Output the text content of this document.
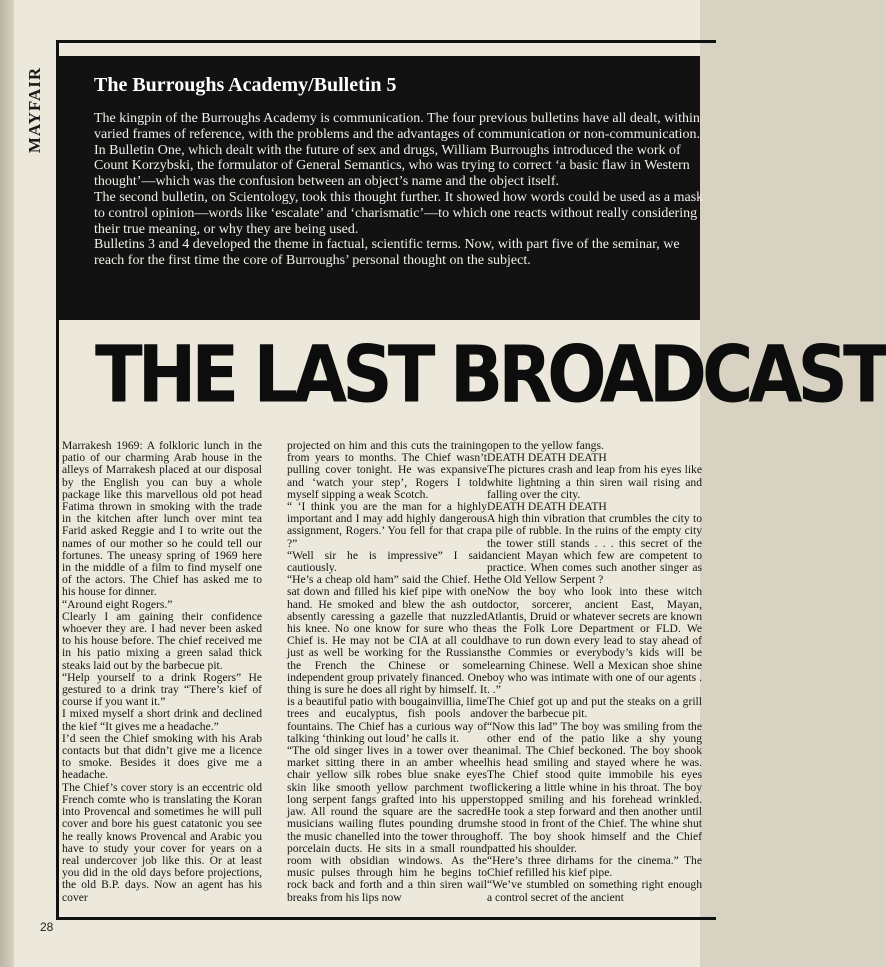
MAYFAIR
28
The Burroughs Academy/Bulletin 5

The kingpin of the Burroughs Academy is communication. The four previous bulletins have all dealt, within varied frames of reference, with the problems and the advantages of communication or non-communication.

In Bulletin One, which dealt with the future of sex and drugs, William Burroughs introduced the work of Count Korzybski, the formulator of General Semantics, who was trying to correct ‘a basic flaw in Western thought’—which was the confusion between an object’s name and the object itself.

The second bulletin, on Scientology, took this thought further. It showed how words could be used as a mask to control opinion—words like ‘escalate’ and ‘charismatic’—to which one reacts without really considering their true meaning, or why they are being used.

Bulletins 3 and 4 developed the theme in factual, scientific terms. Now, with part five of the seminar, we reach for the first time the core of Burroughs’ personal thought on the subject.

THE LAST BROADCAST

Marrakesh 1969: A folkloric lunch in the patio of our charming Arab house in the alleys of Marrakesh placed at our disposal by the English you can buy a whole package like this marvellous old pot head Fatima thrown in smoking with the trade in the kitchen after lunch over mint tea Farid asked Reggie and I to write out the names of our mother so he could tell our fortunes. The uneasy spring of 1969 here in the middle of a film to find myself one of the actors. The Chief has asked me to his house for dinner.

“Around eight Rogers.”

Clearly I am gaining their confidence whoever they are. I had never been asked to his house before. The chief received me in his patio mixing a green salad thick steaks laid out by the barbecue pit.

“Help yourself to a drink Rogers” He gestured to a drink tray “There’s kief of course if you want it.”

I mixed myself a short drink and declined the kief “It gives me a headache.”

I’d seen the Chief smoking with his Arab contacts but that didn’t give me a licence to smoke. Besides it does give me a headache.

The Chief’s cover story is an eccentric old French comte who is translating the Koran into Provencal and sometimes he will pull cover and bore his guest catatonic you see he really knows Provencal and Arabic you have to study your cover for years on a real undercover job like this. Or at least you did in the old days before projections, the old B.P. days. Now an agent has his cover

projected on him and this cuts the training from years to months. The Chief wasn’t pulling cover tonight. He was expansive and ‘watch your step’, Rogers I told myself sipping a weak Scotch.

“ ‘I think you are the man for a highly important and I may add highly dangerous assignment, Rogers.’ You fell for that crap ?”

“Well sir he is impressive” I said cautiously.

“He’s a cheap old ham” said the Chief. He sat down and filled his kief pipe with one hand. He smoked and blew the ash out absently caressing a gazelle that nuzzled his knee. No one know for sure who the Chief is. He may not be CIA at all could just as well be working for the Russians the French the Chinese or some independent group privately financed. One thing is sure he does all right by himself. It is a beautiful patio with bougainvillia, lime trees and eucalyptus, fish pools and fountains. The Chief has a curious way of talking ‘thinking out loud’ he calls it.

“The old singer lives in a tower over the market sitting there in an amber wheel chair yellow silk robes blue snake eyes skin like smooth yellow parchment two long serpent fangs grafted into his upper jaw. All round the square are the sacred musicians wailing flutes pounding drums the music chanelled into the tower through porcelain ducts. He sits in a small round room with obsidian windows. As the music pulses through him he begins to rock back and forth and a thin siren wail breaks from his lips now

open to the yellow fangs.

DEATH DEATH DEATH

The pictures crash and leap from his eyes like white lightning a thin siren wail rising and falling over the city.

DEATH DEATH DEATH

A high thin vibration that crumbles the city to a pile of rubble. In the ruins of the empty city the tower still stands . . . this secret of the ancient Mayan which few are competent to practice. When comes such another singer as the Old Yellow Serpent ?

Now the boy who look into these witch doctor, sorcerer, ancient East, Mayan, Atlantis, Druid or whatever secrets are known as the Folk Lore Department or FLD. We have to run down every lead to stay ahead of the Commies or everybody’s kids will be learning Chinese. Well a Mexican shoe shine boy who was intimate with one of our agents . . .”

The Chief got up and put the steaks on a grill over the barbecue pit.

“Now this lad” The boy was smiling from the other end of the patio like a shy young animal. The Chief beckoned. The boy shook his head smiling and stayed where he was. The Chief stood quite immobile his eyes flickering a little whine in his throat. The boy stopped smiling and his forehead wrinkled. He took a step forward and then another until he stood in front of the Chief. The whine shut off. The boy shook himself and the Chief patted his shoulder.

“Here’s three dirhams for the cinema.” The Chief refilled his kief pipe.

“We’ve stumbled on something right enough a control secret of the ancient
